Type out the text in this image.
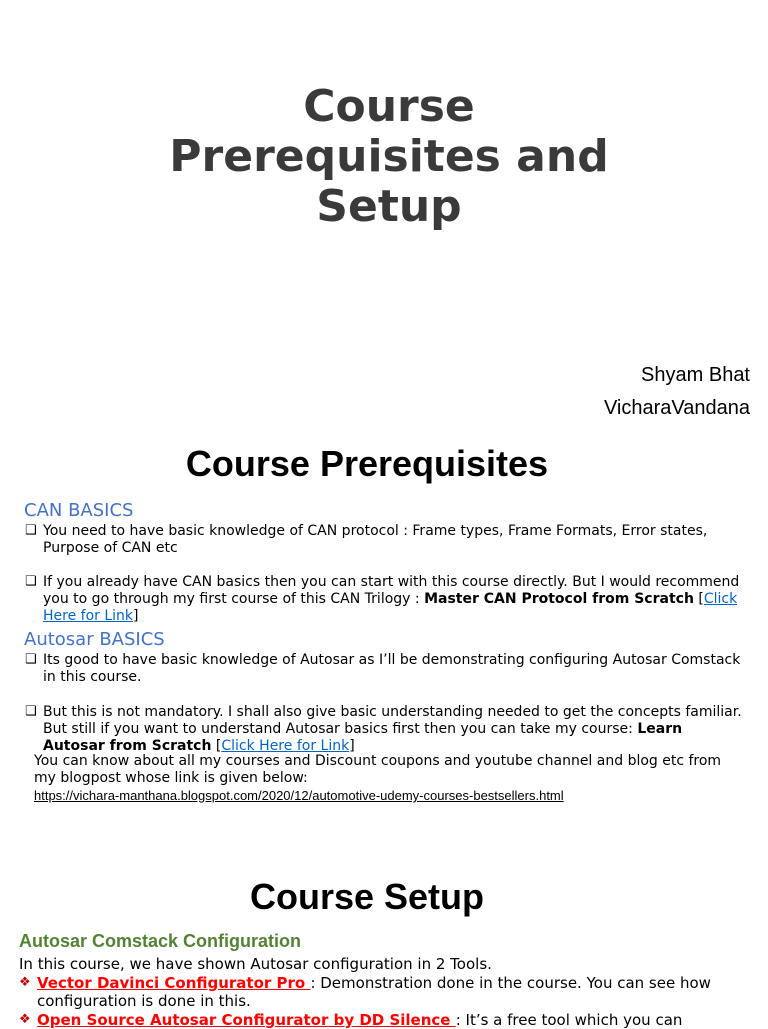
Course
Prerequisites and
Setup
Shyam Bhat
VicharaVandana
Course Prerequisites
CAN BASICS
❑ You need to have basic knowledge of CAN protocol : Frame types, Frame Formats, Error states, Purpose of CAN etc
❑ If you already have CAN basics then you can start with this course directly. But I would recommend you to go through my first course of this CAN Trilogy : Master CAN Protocol from Scratch [Click Here for Link]
Autosar BASICS
❑ Its good to have basic knowledge of Autosar as I’ll be demonstrating configuring Autosar Comstack in this course.
❑ But this is not mandatory. I shall also give basic understanding needed to get the concepts familiar. But still if you want to understand Autosar basics first then you can take my course: Learn Autosar from Scratch [Click Here for Link]
You can know about all my courses and Discount coupons and youtube channel and blog etc from my blogpost whose link is given below:
https://vichara-manthana.blogspot.com/2020/12/automotive-udemy-courses-bestsellers.html
Course Setup
Autosar Comstack Configuration
In this course, we have shown Autosar configuration in 2 Tools.
❖ Vector Davinci Configurator Pro : Demonstration done in the course. You can see how configuration is done in this.
❖ Open Source Autosar Configurator by DD Silence : It’s a free tool which you can
